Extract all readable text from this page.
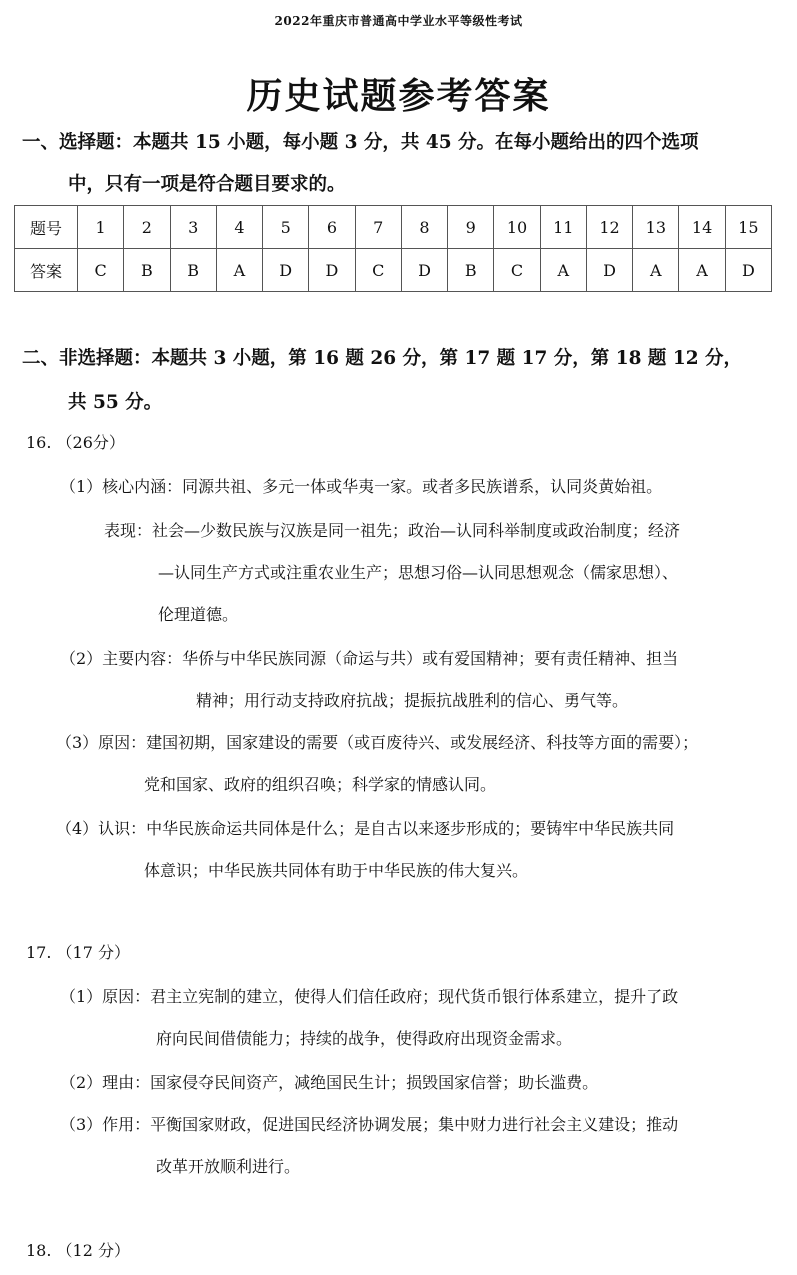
2022年重庆市普通高中学业水平等级性考试
历史试题参考答案
一、选择题：本题共 15 小题，每小题 3 分，共 45 分。在每小题给出的四个选项
中，只有一项是符合题目要求的。
题号	1	2	3	4	5	6	7	8	9	10	11	12	13	14	15
答案	C	B	B	A	D	D	C	D	B	C	A	D	A	A	D
二、非选择题：本题共 3 小题，第 16 题 26 分，第 17 题 17 分，第 18 题 12 分，
共 55 分。
16. （26分）
（1）核心内涵：同源共祖、多元一体或华夷一家。或者多民族谱系，认同炎黄始祖。
表现：社会—少数民族与汉族是同一祖先；政治—认同科举制度或政治制度；经济
—认同生产方式或注重农业生产；思想习俗—认同思想观念（儒家思想）、
伦理道德。
（2）主要内容：华侨与中华民族同源（命运与共）或有爱国精神；要有责任精神、担当
精神；用行动支持政府抗战；提振抗战胜利的信心、勇气等。
（3）原因：建国初期，国家建设的需要（或百废待兴、或发展经济、科技等方面的需要）；
党和国家、政府的组织召唤；科学家的情感认同。
（4）认识：中华民族命运共同体是什么；是自古以来逐步形成的；要铸牢中华民族共同
体意识；中华民族共同体有助于中华民族的伟大复兴。
17. （17 分）
（1）原因：君主立宪制的建立，使得人们信任政府；现代货币银行体系建立，提升了政
府向民间借债能力；持续的战争，使得政府出现资金需求。
（2）理由：国家侵夺民间资产，减绝国民生计；损毁国家信誉；助长滥费。
（3）作用：平衡国家财政，促进国民经济协调发展；集中财力进行社会主义建设；推动
改革开放顺利进行。
18. （12 分）
